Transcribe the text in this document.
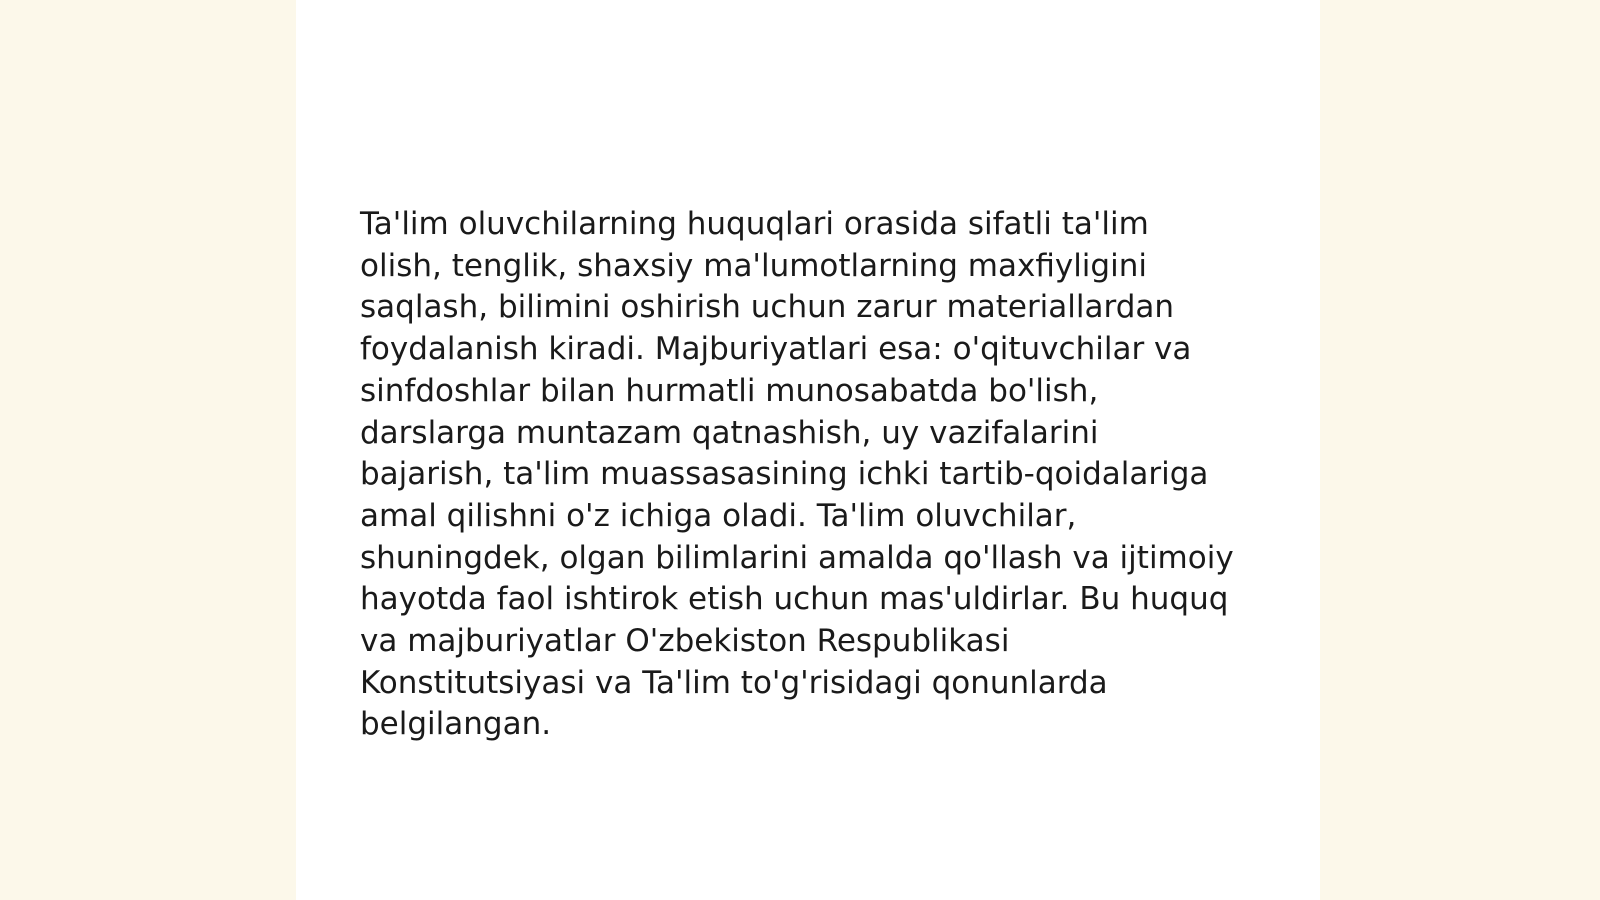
Ta'lim oluvchilarning huquqlari orasida sifatli ta'lim olish, tenglik, shaxsiy ma'lumotlarning maxfiyligini saqlash, bilimini oshirish uchun zarur materiallardan foydalanish kiradi. Majburiyatlari esa: o'qituvchilar va sinfdoshlar bilan hurmatli munosabatda bo'lish, darslarga muntazam qatnashish, uy vazifalarini bajarish, ta'lim muassasasining ichki tartib-qoidalariga amal qilishni o'z ichiga oladi. Ta'lim oluvchilar, shuningdek, olgan bilimlarini amalda qo'llash va ijtimoiy hayotda faol ishtirok etish uchun mas'uldirlar. Bu huquq va majburiyatlar O'zbekiston Respublikasi Konstitutsiyasi va Ta'lim to'g'risidagi qonunlarda belgilangan.
